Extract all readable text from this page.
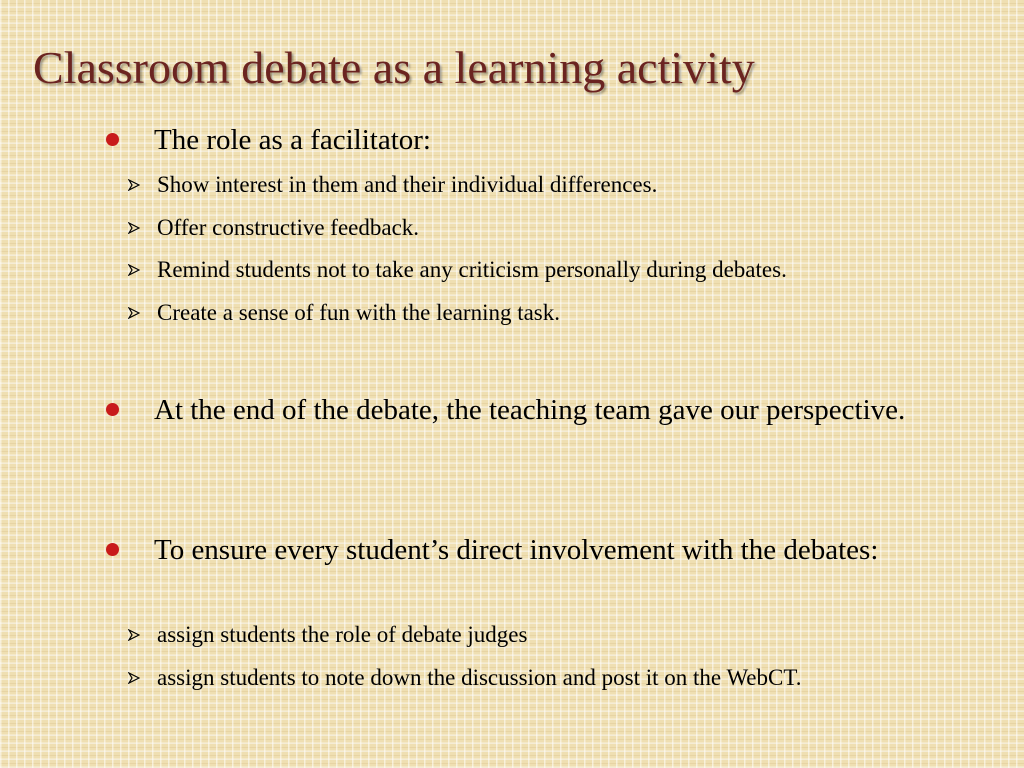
Classroom debate as a learning activity
The role as a facilitator:
Show interest in them and their individual differences.
Offer constructive feedback.
Remind students not to take any criticism personally during debates.
Create a sense of fun with the learning task.
At the end of the debate, the teaching team gave our perspective.
To ensure every student’s direct involvement with the debates:
assign students the role of debate judges
assign students to note down the discussion and post it on the WebCT.
